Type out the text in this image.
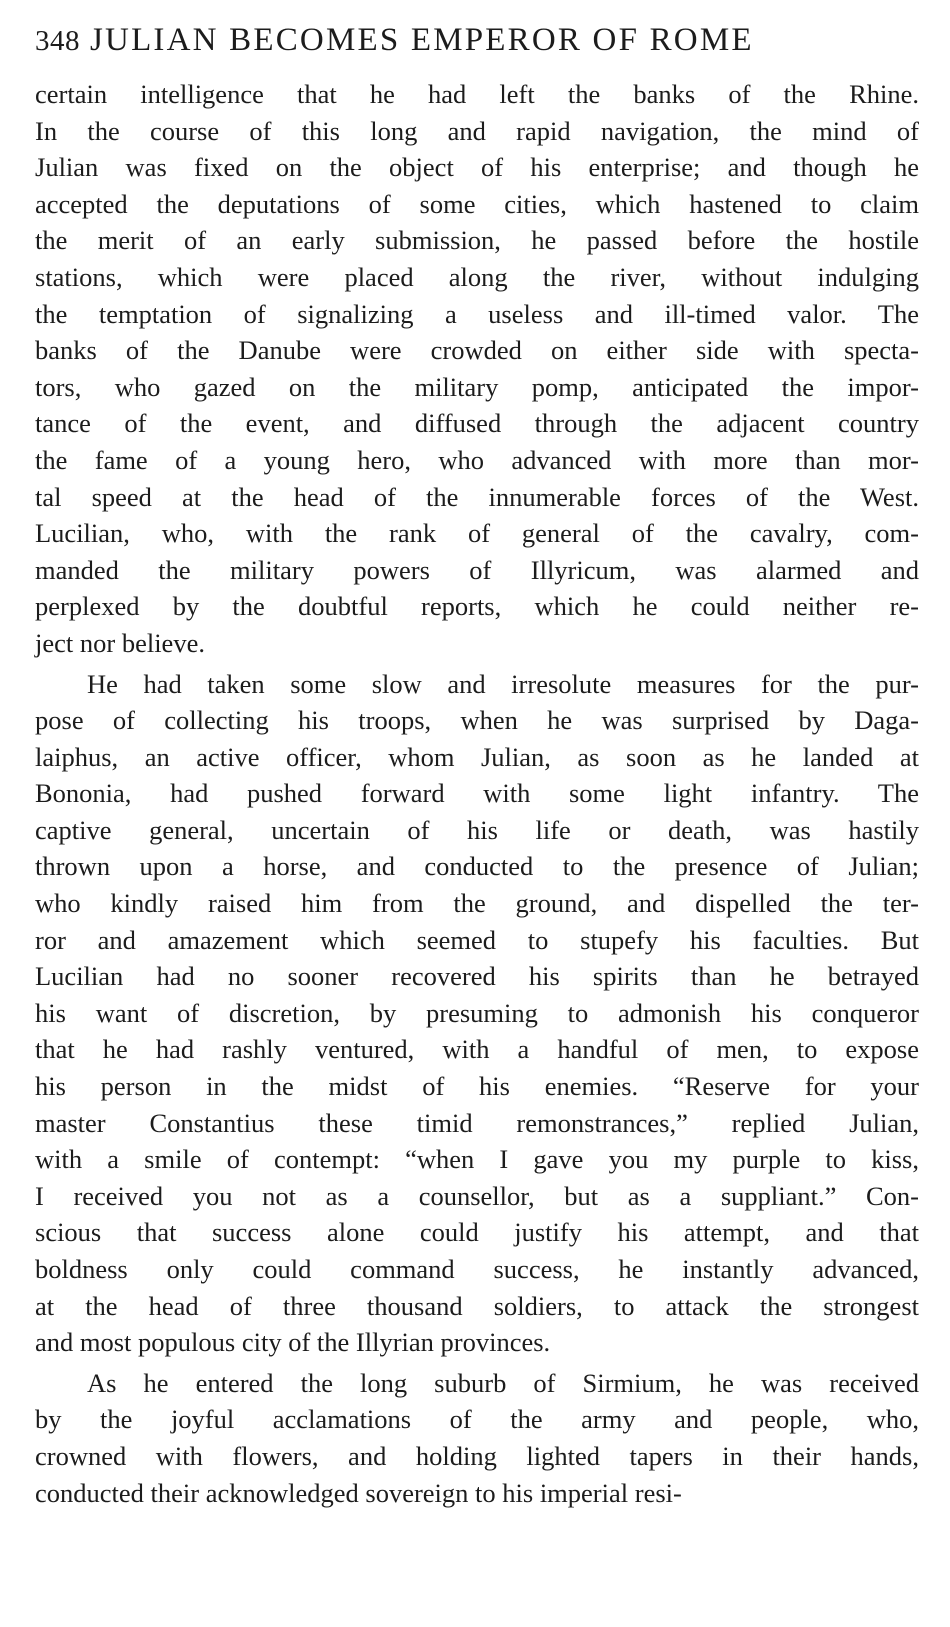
348 JULIAN BECOMES EMPEROR OF ROME
certain intelligence that he had left the banks of the Rhine.
In the course of this long and rapid navigation, the mind of
Julian was fixed on the object of his enterprise; and though he
accepted the deputations of some cities, which hastened to claim
the merit of an early submission, he passed before the hostile
stations, which were placed along the river, without indulging
the temptation of signalizing a useless and ill-timed valor. The
banks of the Danube were crowded on either side with specta-
tors, who gazed on the military pomp, anticipated the impor-
tance of the event, and diffused through the adjacent country
the fame of a young hero, who advanced with more than mor-
tal speed at the head of the innumerable forces of the West.
Lucilian, who, with the rank of general of the cavalry, com-
manded the military powers of Illyricum, was alarmed and
perplexed by the doubtful reports, which he could neither re-
ject nor believe.
He had taken some slow and irresolute measures for the pur-
pose of collecting his troops, when he was surprised by Daga-
laiphus, an active officer, whom Julian, as soon as he landed at
Bononia, had pushed forward with some light infantry. The
captive general, uncertain of his life or death, was hastily
thrown upon a horse, and conducted to the presence of Julian;
who kindly raised him from the ground, and dispelled the ter-
ror and amazement which seemed to stupefy his faculties. But
Lucilian had no sooner recovered his spirits than he betrayed
his want of discretion, by presuming to admonish his conqueror
that he had rashly ventured, with a handful of men, to expose
his person in the midst of his enemies. “Reserve for your
master Constantius these timid remonstrances,” replied Julian,
with a smile of contempt: “when I gave you my purple to kiss,
I received you not as a counsellor, but as a suppliant.” Con-
scious that success alone could justify his attempt, and that
boldness only could command success, he instantly advanced,
at the head of three thousand soldiers, to attack the strongest
and most populous city of the Illyrian provinces.
As he entered the long suburb of Sirmium, he was received
by the joyful acclamations of the army and people, who,
crowned with flowers, and holding lighted tapers in their hands,
conducted their acknowledged sovereign to his imperial resi-
